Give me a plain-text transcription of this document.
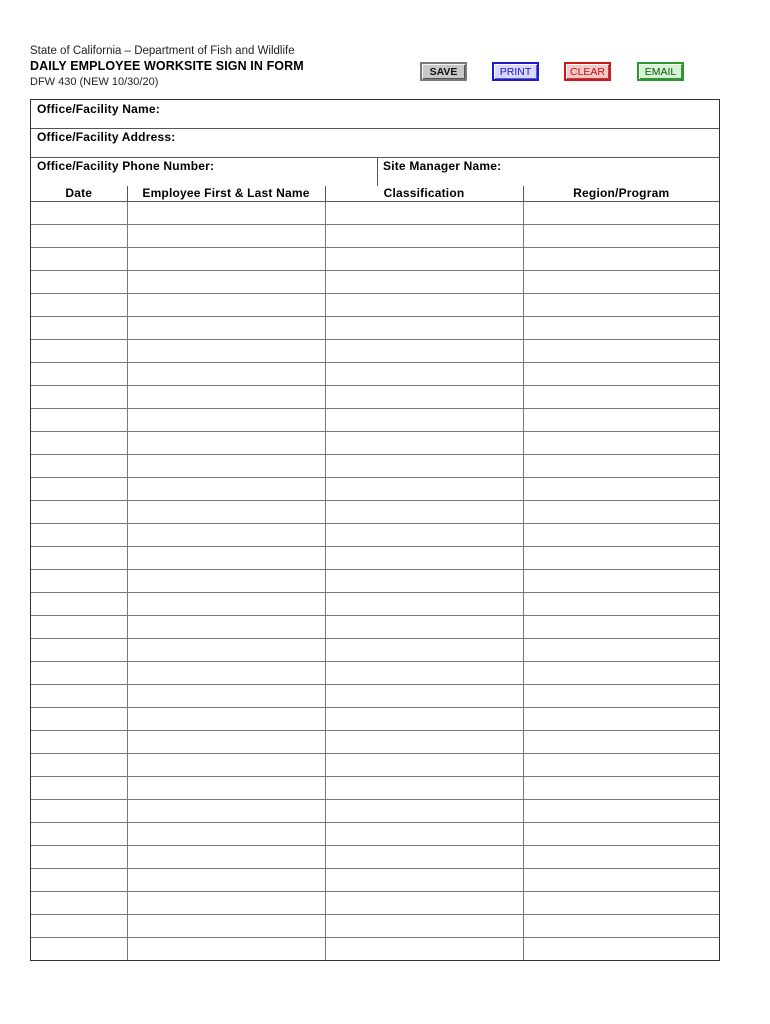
State of California – Department of Fish and Wildlife
DAILY EMPLOYEE WORKSITE SIGN IN FORM
DFW 430 (NEW 10/30/20)
SAVE	PRINT	CLEAR	EMAIL
Office/Facility Name:
Office/Facility Address:
Office/Facility Phone Number:	Site Manager Name:
Date	Employee First & Last Name	Classification	Region/Program
